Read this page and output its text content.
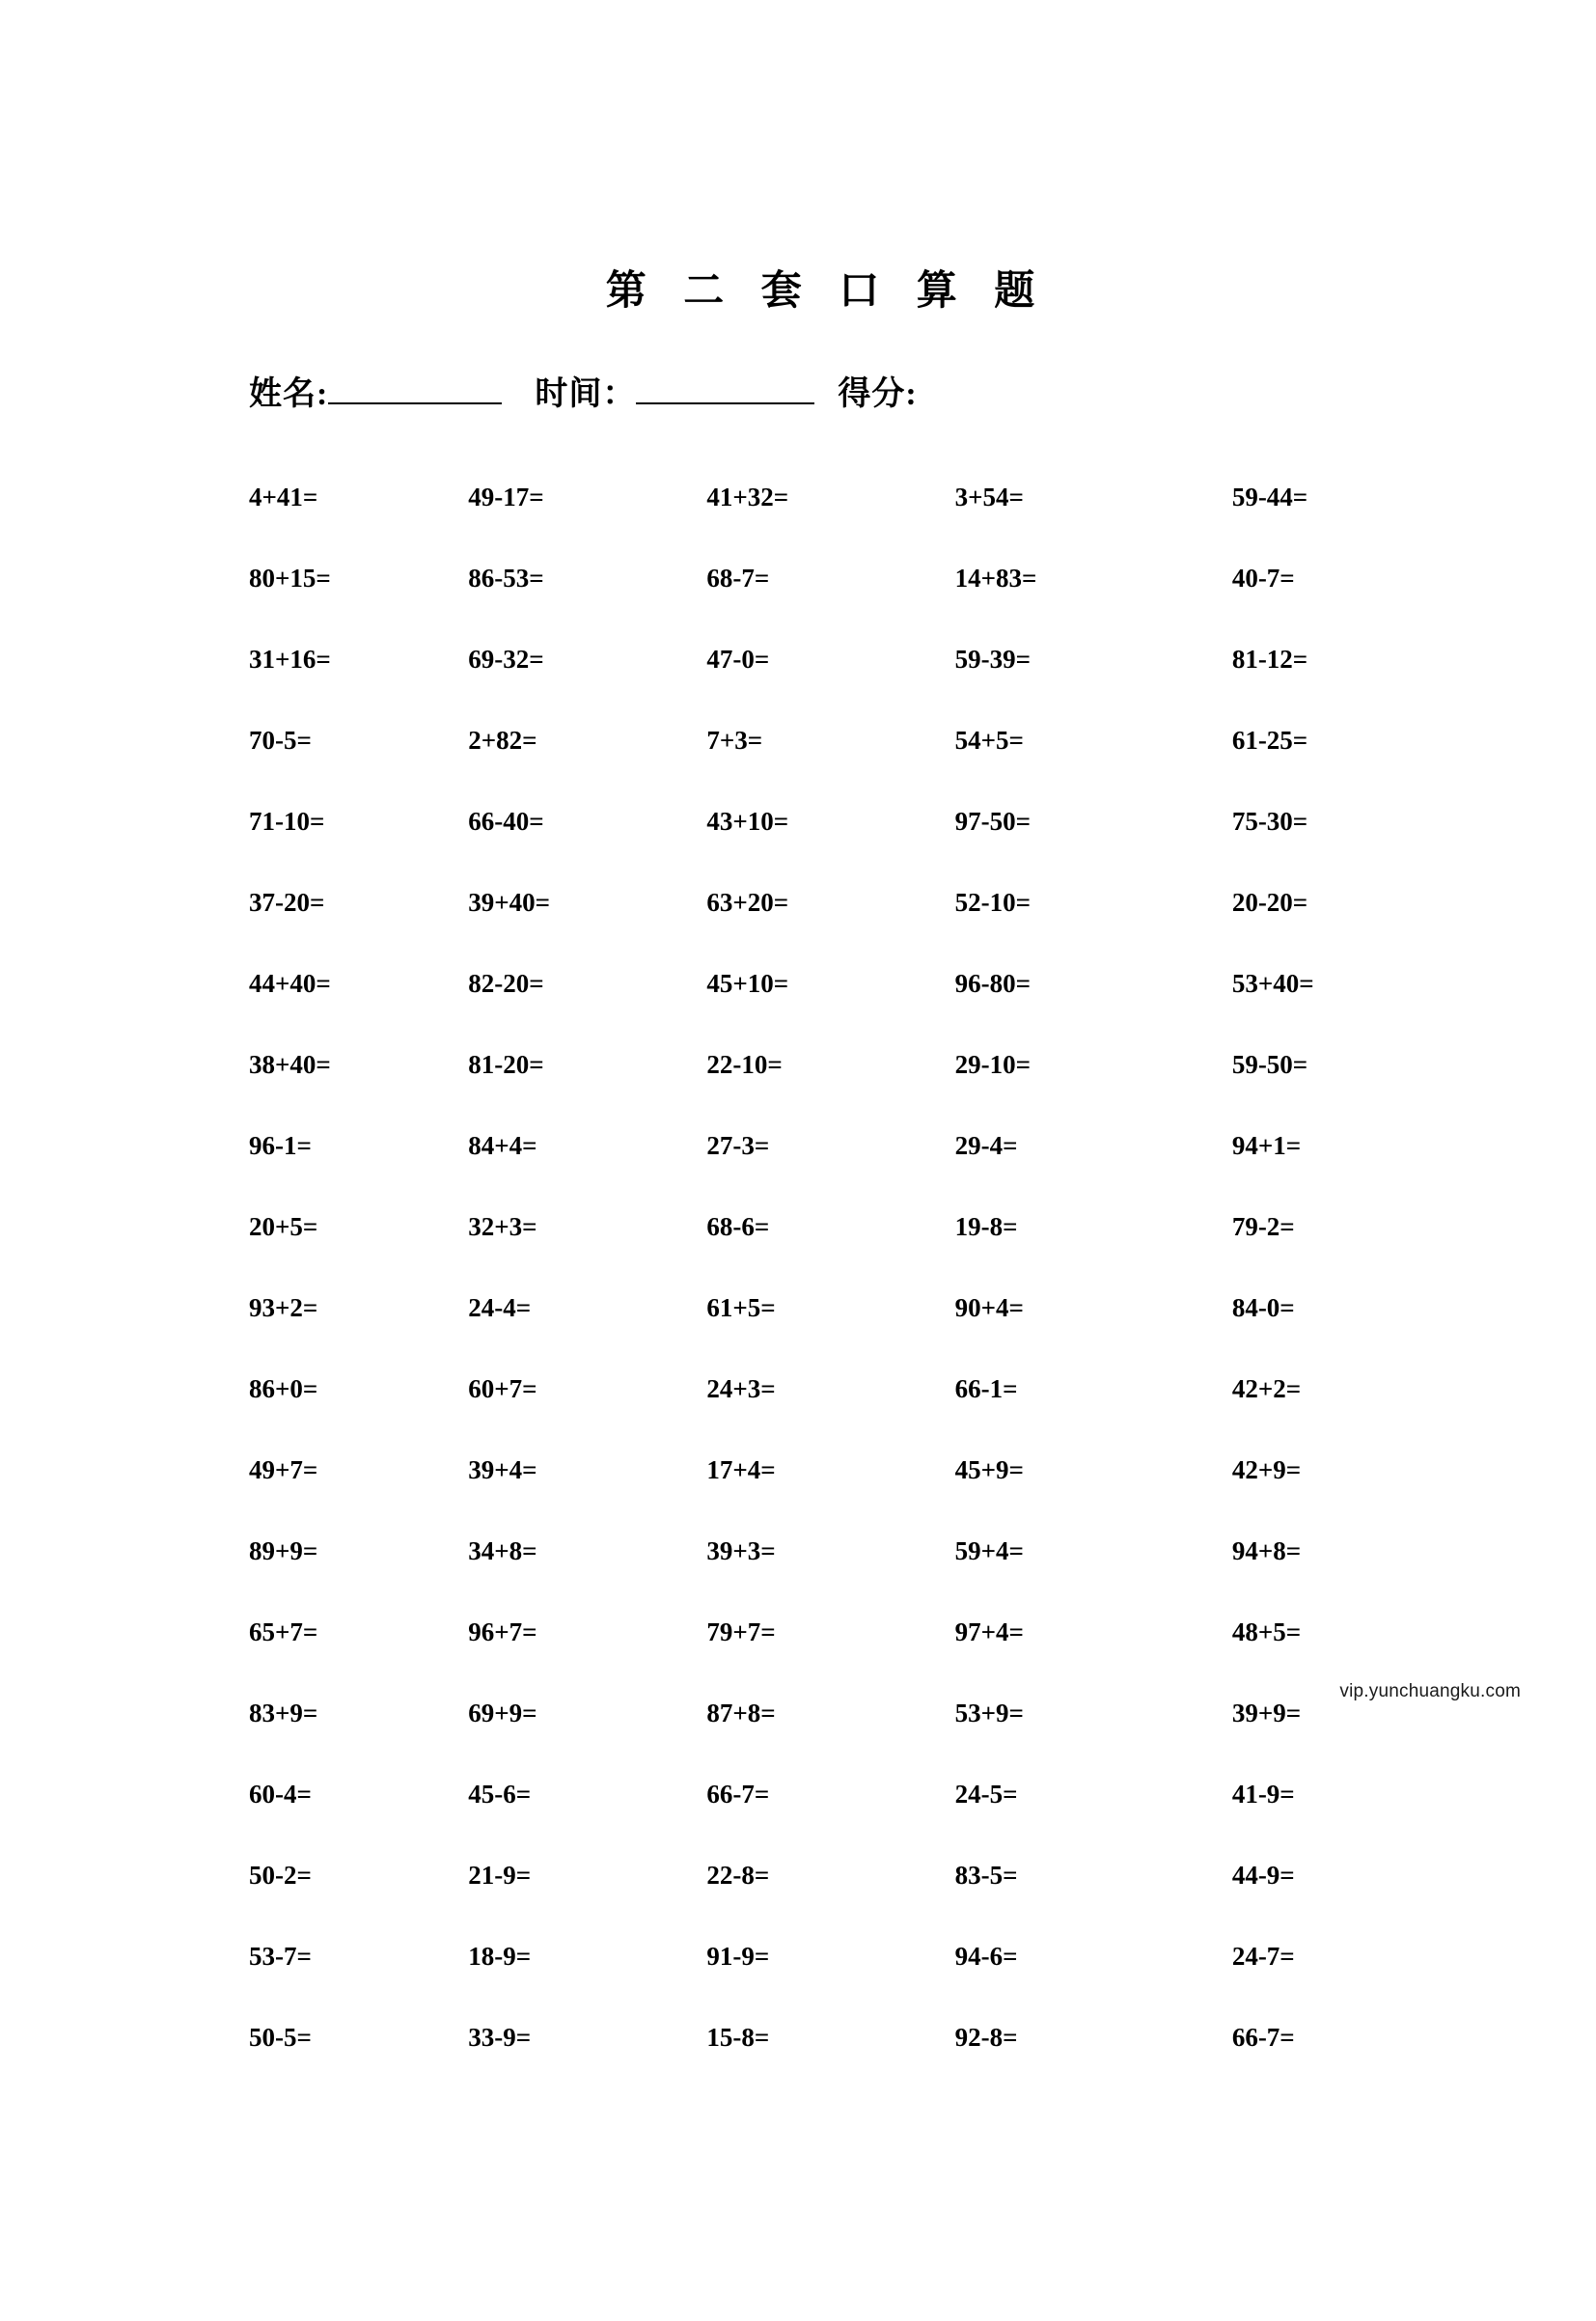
第 二 套 口 算 题
姓名:	时间：	得分:
4+41=	49-17=	41+32=	3+54=	59-44=
80+15=	86-53=	68-7=	14+83=	40-7=
31+16=	69-32=	47-0=	59-39=	81-12=
70-5=	2+82=	7+3=	54+5=	61-25=
71-10=	66-40=	43+10=	97-50=	75-30=
37-20=	39+40=	63+20=	52-10=	20-20=
44+40=	82-20=	45+10=	96-80=	53+40=
38+40=	81-20=	22-10=	29-10=	59-50=
96-1=	84+4=	27-3=	29-4=	94+1=
20+5=	32+3=	68-6=	19-8=	79-2=
93+2=	24-4=	61+5=	90+4=	84-0=
86+0=	60+7=	24+3=	66-1=	42+2=
49+7=	39+4=	17+4=	45+9=	42+9=
89+9=	34+8=	39+3=	59+4=	94+8=
65+7=	96+7=	79+7=	97+4=	48+5=
83+9=	69+9=	87+8=	53+9=	39+9=
60-4=	45-6=	66-7=	24-5=	41-9=
50-2=	21-9=	22-8=	83-5=	44-9=
53-7=	18-9=	91-9=	94-6=	24-7=
50-5=	33-9=	15-8=	92-8=	66-7=
vip.yunchuangku.com
